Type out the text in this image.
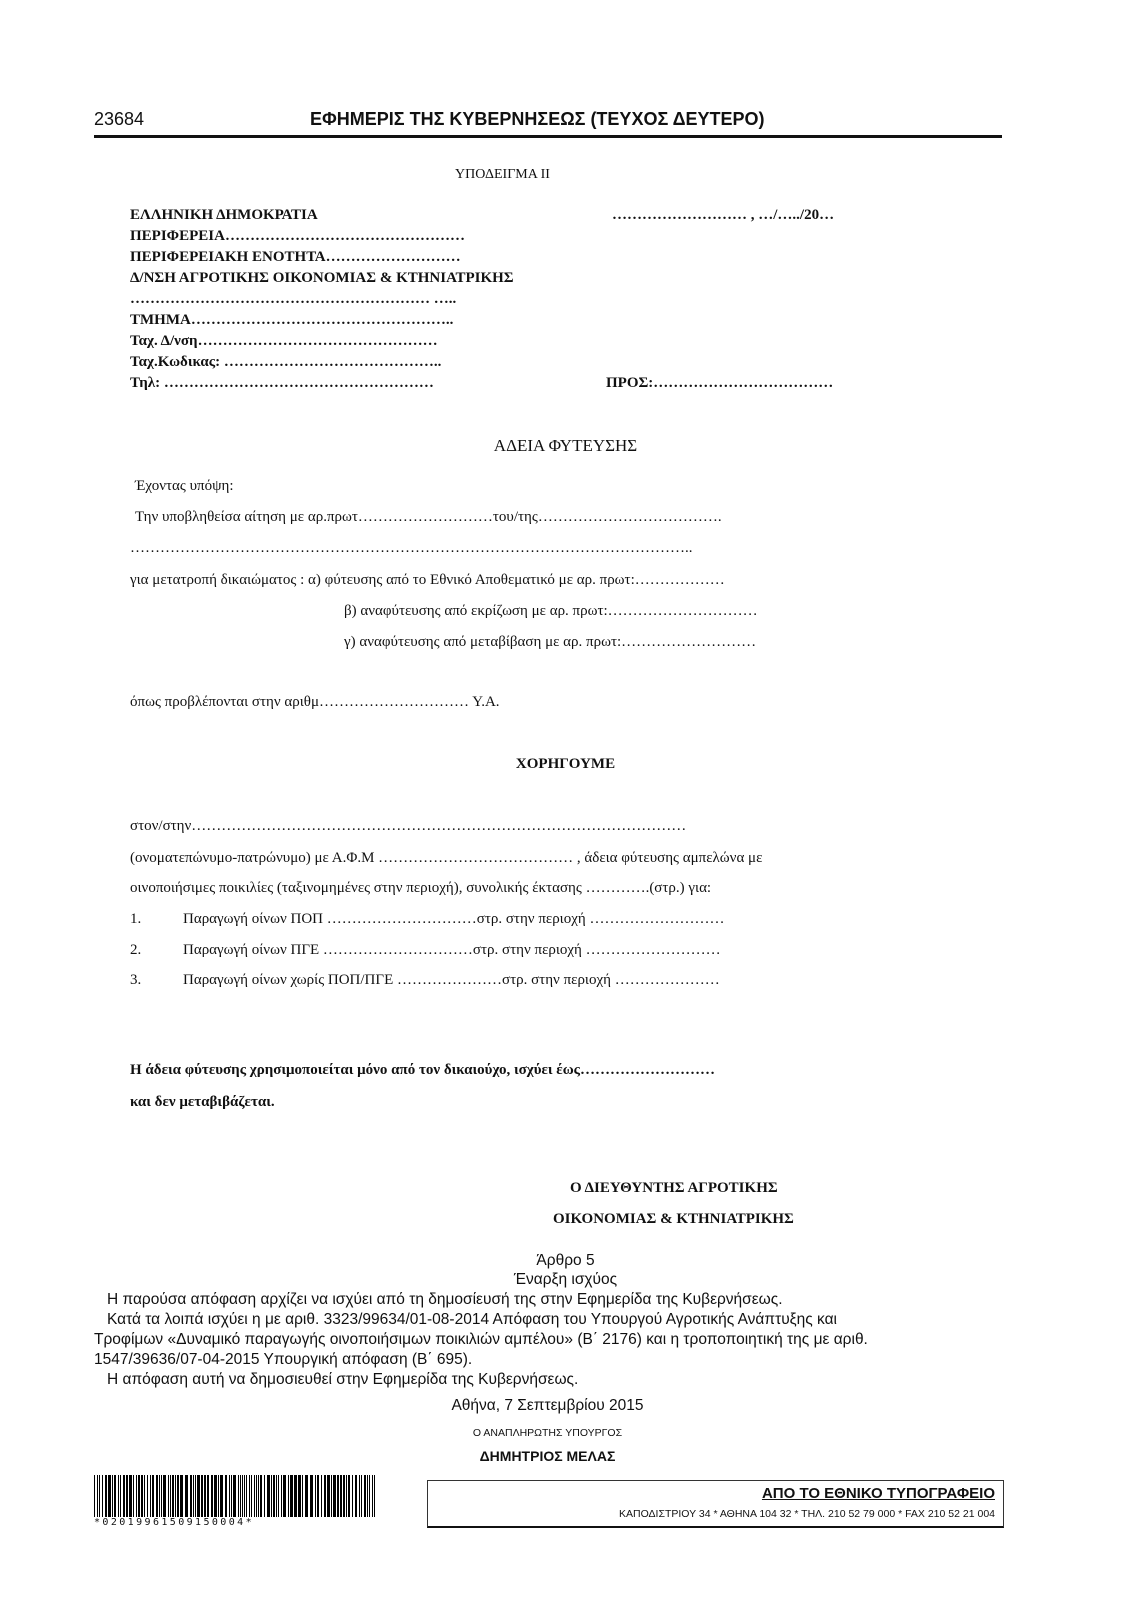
23684	ΕΦΗΜΕΡΙΣ ΤΗΣ ΚΥΒΕΡΝΗΣΕΩΣ (ΤΕΥΧΟΣ ΔΕΥΤΕΡΟ)
ΥΠΟΔΕΙΓΜΑ ΙΙ
ΕΛΛΗΝΙΚΗ ΔΗΜΟΚΡΑΤΙΑ
ΠΕΡΙΦΕΡΕΙΑ…………………………………………
ΠΕΡΙΦΕΡΕΙΑΚΗ ΕΝΟΤΗΤΑ………………………
Δ/ΝΣΗ ΑΓΡΟΤΙΚΗΣ ΟΙΚΟΝΟΜΙΑΣ & ΚΤΗΝΙΑΤΡΙΚΗΣ
…………………………………………………… …..
ΤΜΗΜΑ……………………………………………..
Ταχ. Δ/νση…………………………………………
Ταχ.Κωδικας: ……………………………………..
Τηλ: ………………………………………………
……………………… , …/…../20…
ΠΡΟΣ:………………………………
ΑΔΕΙΑ ΦΥΤΕΥΣΗΣ
Έχοντας υπόψη:
Την υποβληθείσα αίτηση με αρ.πρωτ………………………του/της……………………………….
…………………………………………………………………………………………………..
για μετατροπή δικαιώματος : α) φύτευσης από το Εθνικό Αποθεματικό με αρ. πρωτ:………………
β) αναφύτευσης από εκρίζωση με αρ. πρωτ:…………………………
γ) αναφύτευσης από μεταβίβαση με αρ. πρωτ:………………………
όπως προβλέπονται στην αριθμ………………………… Υ.Α.
ΧΟΡΗΓΟΥΜΕ
στον/στην………………………………………………………………………………………
(ονοματεπώνυμο-πατρώνυμο) με Α.Φ.Μ ………………………………… , άδεια φύτευσης αμπελώνα με
οινοποιήσιμες ποικιλίες (ταξινομημένες στην περιοχή), συνολικής έκτασης ………….(στρ.) για:
1.	Παραγωγή οίνων ΠΟΠ …………………………στρ. στην περιοχή ………………………
2.	Παραγωγή οίνων ΠΓΕ …………………………στρ. στην περιοχή ………………………
3.	Παραγωγή οίνων χωρίς ΠΟΠ/ΠΓΕ …………………στρ. στην περιοχή …………………
Η άδεια φύτευσης χρησιμοποιείται μόνο από τον δικαιούχο, ισχύει έως………………………
και δεν μεταβιβάζεται.
Ο ΔΙΕΥΘΥΝΤΗΣ ΑΓΡΟΤΙΚΗΣ
ΟΙΚΟΝΟΜΙΑΣ & ΚΤΗΝΙΑΤΡΙΚΗΣ
Άρθρο 5
Έναρξη ισχύος
Η παρούσα απόφαση αρχίζει να ισχύει από τη δημοσίευσή της στην Εφημερίδα της Κυβερνήσεως.
Κατά τα λοιπά ισχύει η με αριθ. 3323/99634/01-08-2014 Απόφαση του Υπουργού Αγροτικής Ανάπτυξης και
Τροφίμων «Δυναμικό παραγωγής οινοποιήσιμων ποικιλιών αμπέλου» (Β΄ 2176) και η τροποποιητική της με αριθ.
1547/39636/07-04-2015 Υπουργική απόφαση (Β΄ 695).
Η απόφαση αυτή να δημοσιευθεί στην Εφημερίδα της Κυβερνήσεως.
Αθήνα, 7 Σεπτεμβρίου 2015
Ο ΑΝΑΠΛΗΡΩΤΗΣ ΥΠΟΥΡΓΟΣ
ΔΗΜΗΤΡΙΟΣ ΜΕΛΑΣ
*02019961509150004*
ΑΠΟ ΤΟ ΕΘΝΙΚΟ ΤΥΠΟΓΡΑΦΕΙΟ
ΚΑΠΟΔΙΣΤΡΙΟΥ 34 * ΑΘΗΝΑ 104 32 * ΤΗΛ. 210 52 79 000 * FAX 210 52 21 004
